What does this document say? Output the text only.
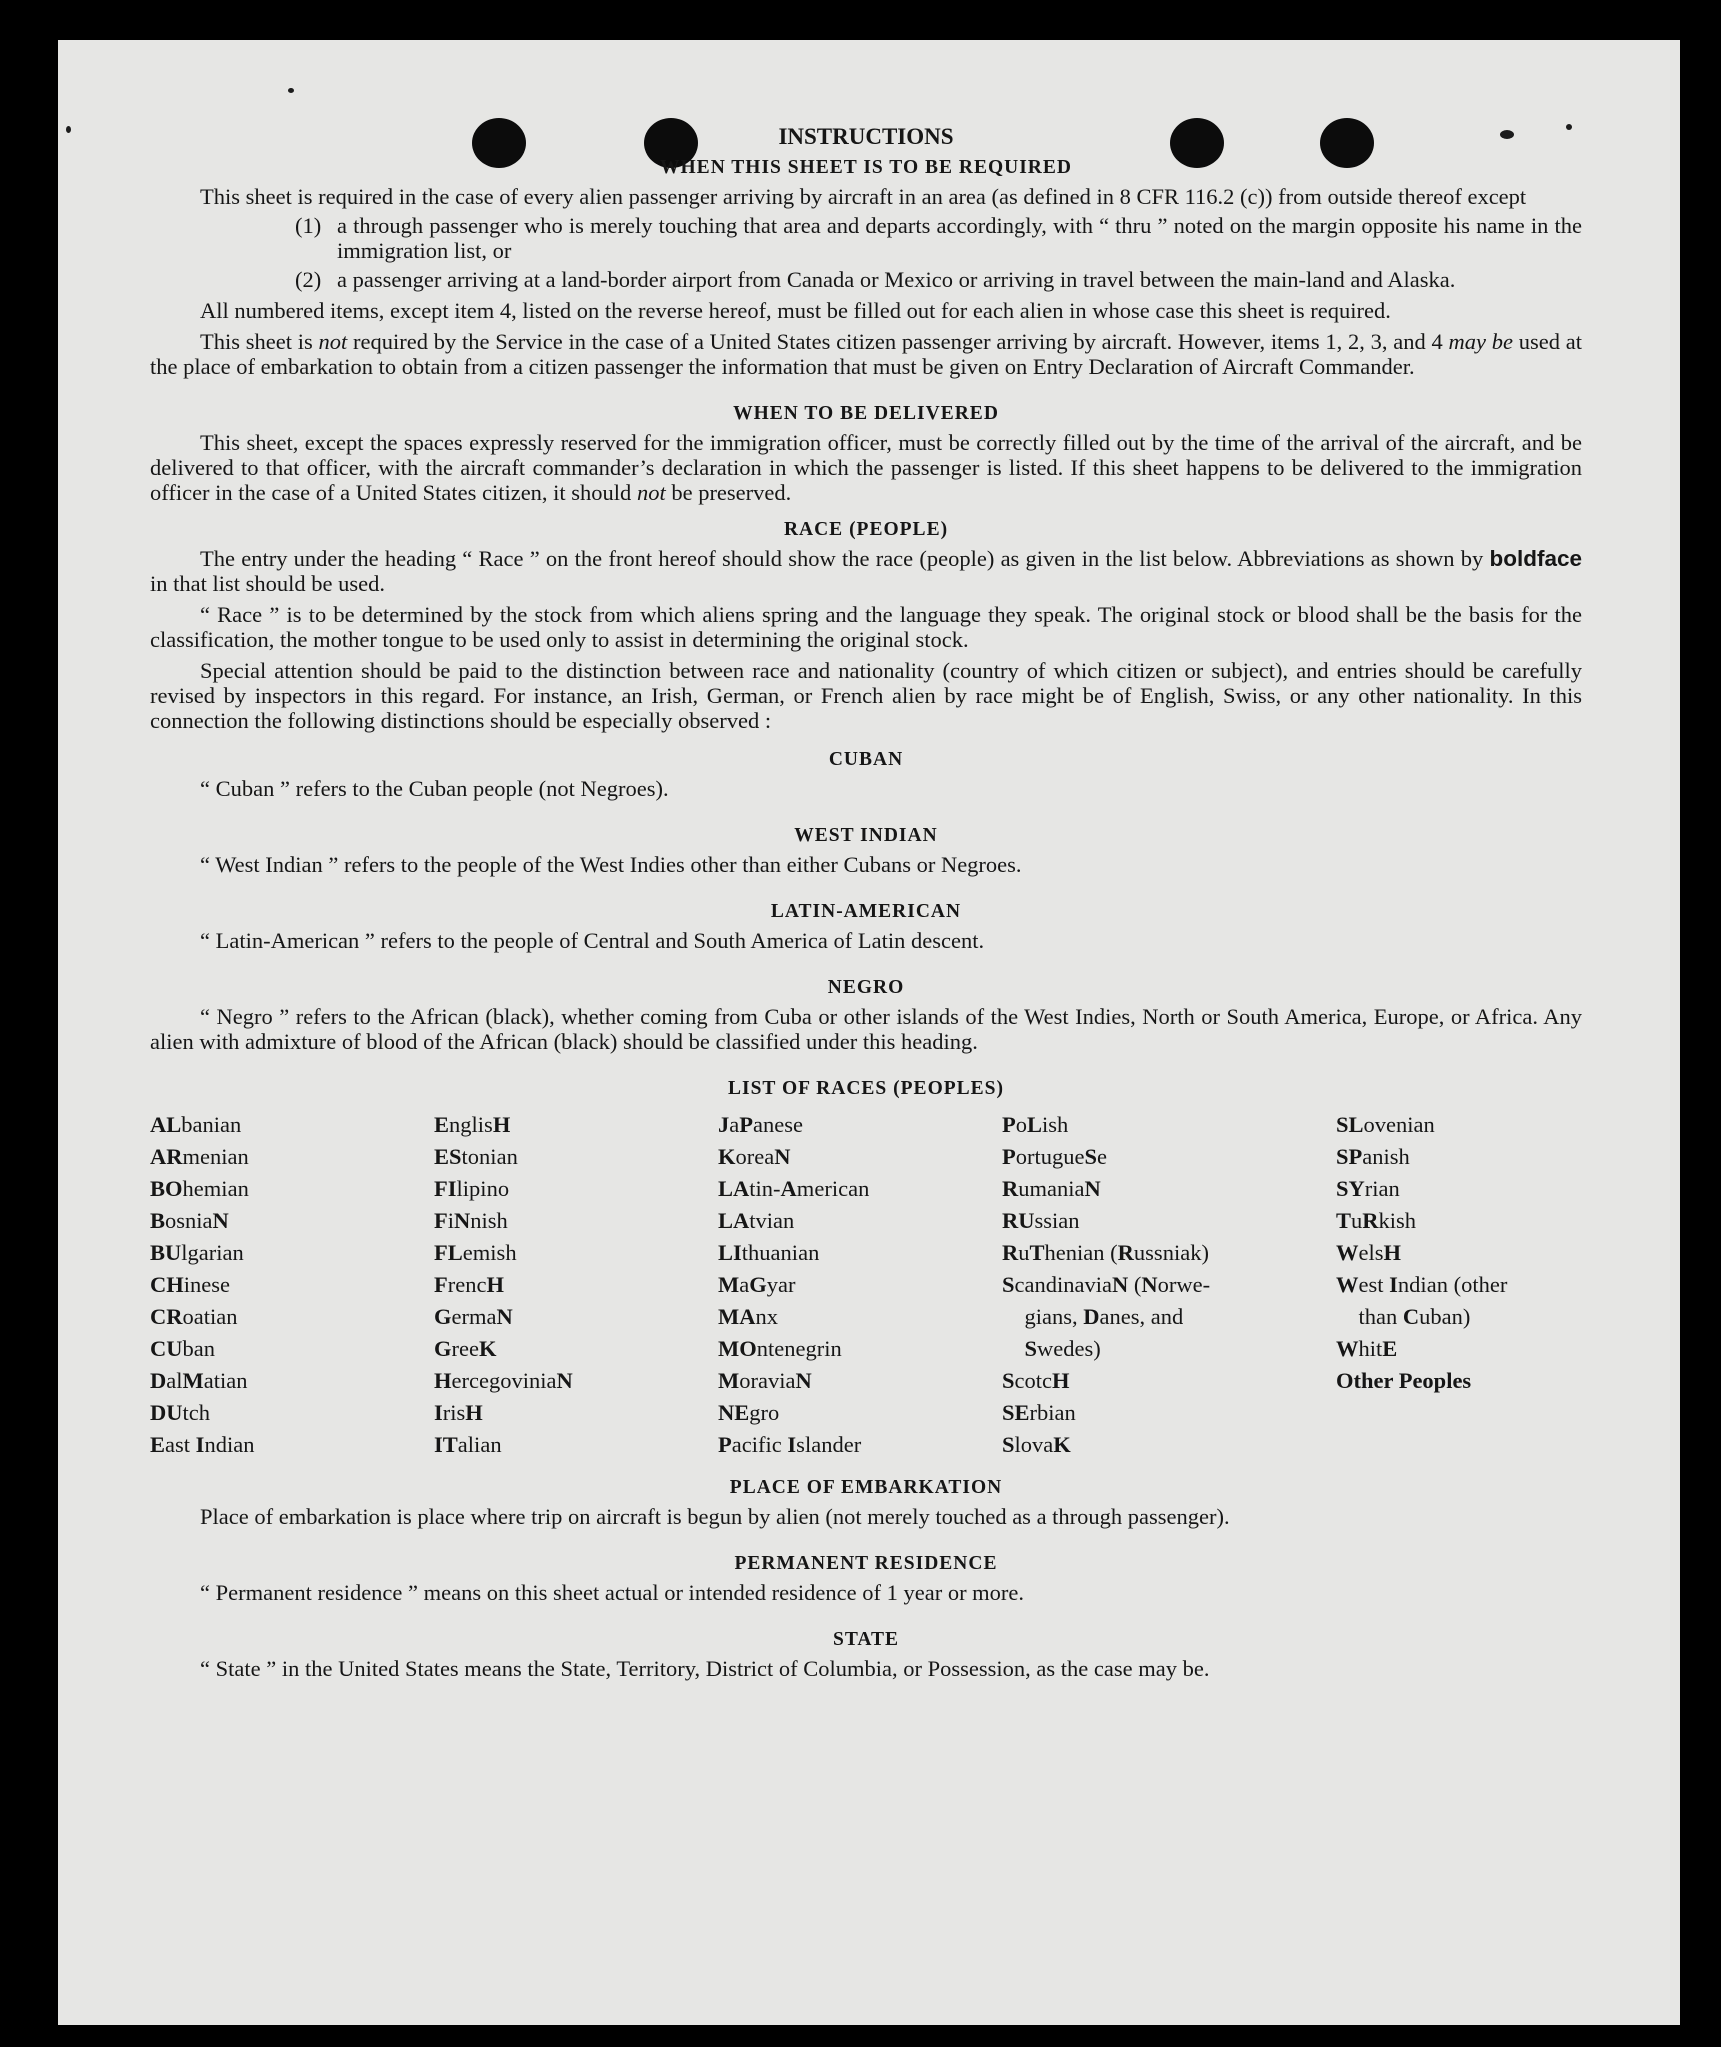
INSTRUCTIONS
WHEN THIS SHEET IS TO BE REQUIRED

This sheet is required in the case of every alien passenger arriving by aircraft in an area (as defined in 8 CFR 116.2 (c)) from outside thereof except

(1) a through passenger who is merely touching that area and departs accordingly, with “ thru ” noted on the margin opposite his name in the immigration list, or
(2) a passenger arriving at a land-border airport from Canada or Mexico or arriving in travel between the main-land and Alaska.

All numbered items, except item 4, listed on the reverse hereof, must be filled out for each alien in whose case this sheet is required.

This sheet is not required by the Service in the case of a United States citizen passenger arriving by aircraft. However, items 1, 2, 3, and 4 may be used at the place of embarkation to obtain from a citizen passenger the information that must be given on Entry Declaration of Aircraft Commander.

WHEN TO BE DELIVERED

This sheet, except the spaces expressly reserved for the immigration officer, must be correctly filled out by the time of the arrival of the aircraft, and be delivered to that officer, with the aircraft commander’s declaration in which the passenger is listed. If this sheet happens to be delivered to the immigration officer in the case of a United States citizen, it should not be preserved.

RACE (PEOPLE)

The entry under the heading “ Race ” on the front hereof should show the race (people) as given in the list below. Abbreviations as shown by boldface in that list should be used.

“ Race ” is to be determined by the stock from which aliens spring and the language they speak. The original stock or blood shall be the basis for the classification, the mother tongue to be used only to assist in determining the original stock.

Special attention should be paid to the distinction between race and nationality (country of which citizen or subject), and entries should be carefully revised by inspectors in this regard. For instance, an Irish, German, or French alien by race might be of English, Swiss, or any other nationality. In this connection the following distinctions should be especially observed :

CUBAN

“ Cuban ” refers to the Cuban people (not Negroes).

WEST INDIAN

“ West Indian ” refers to the people of the West Indies other than either Cubans or Negroes.

LATIN-AMERICAN

“ Latin-American ” refers to the people of Central and South America of Latin descent.

NEGRO

“ Negro ” refers to the African (black), whether coming from Cuba or other islands of the West Indies, North or South America, Europe, or Africa. Any alien with admixture of blood of the African (black) should be classified under this heading.

LIST OF RACES (PEOPLES)
ALbanian
ARmenian
BOhemian
BosniaN
BUlgarian
CHinese
CRoatian
CUban
DalMatian
DUtch
East Indian
EnglisH
EStonian
FIlipino
FiNnish
FLemish
FrencH
GermaN
GreeK
HercegoviniaN
IrisH
ITalian
JaPanese
KoreaN
LAtin-American
LAtvian
LIthuanian
MaGyar
MAnx
MOntenegrin
MoraviaN
NEgro
Pacific Islander
PoLish
PortugueSe
RumaniaN
RUssian
RuThenian (Russniak)
ScandinaviaN (Norwe-
 gians, Danes, and
 Swedes)
ScotcH
SErbian
SlovaK
SLovenian
SPanish
SYrian
TuRkish
WelsH
West Indian (other
 than Cuban)
WhitE
Other Peoples
PLACE OF EMBARKATION

Place of embarkation is place where trip on aircraft is begun by alien (not merely touched as a through passenger).

PERMANENT RESIDENCE

“ Permanent residence ” means on this sheet actual or intended residence of 1 year or more.

STATE

“ State ” in the United States means the State, Territory, District of Columbia, or Possession, as the case may be.
